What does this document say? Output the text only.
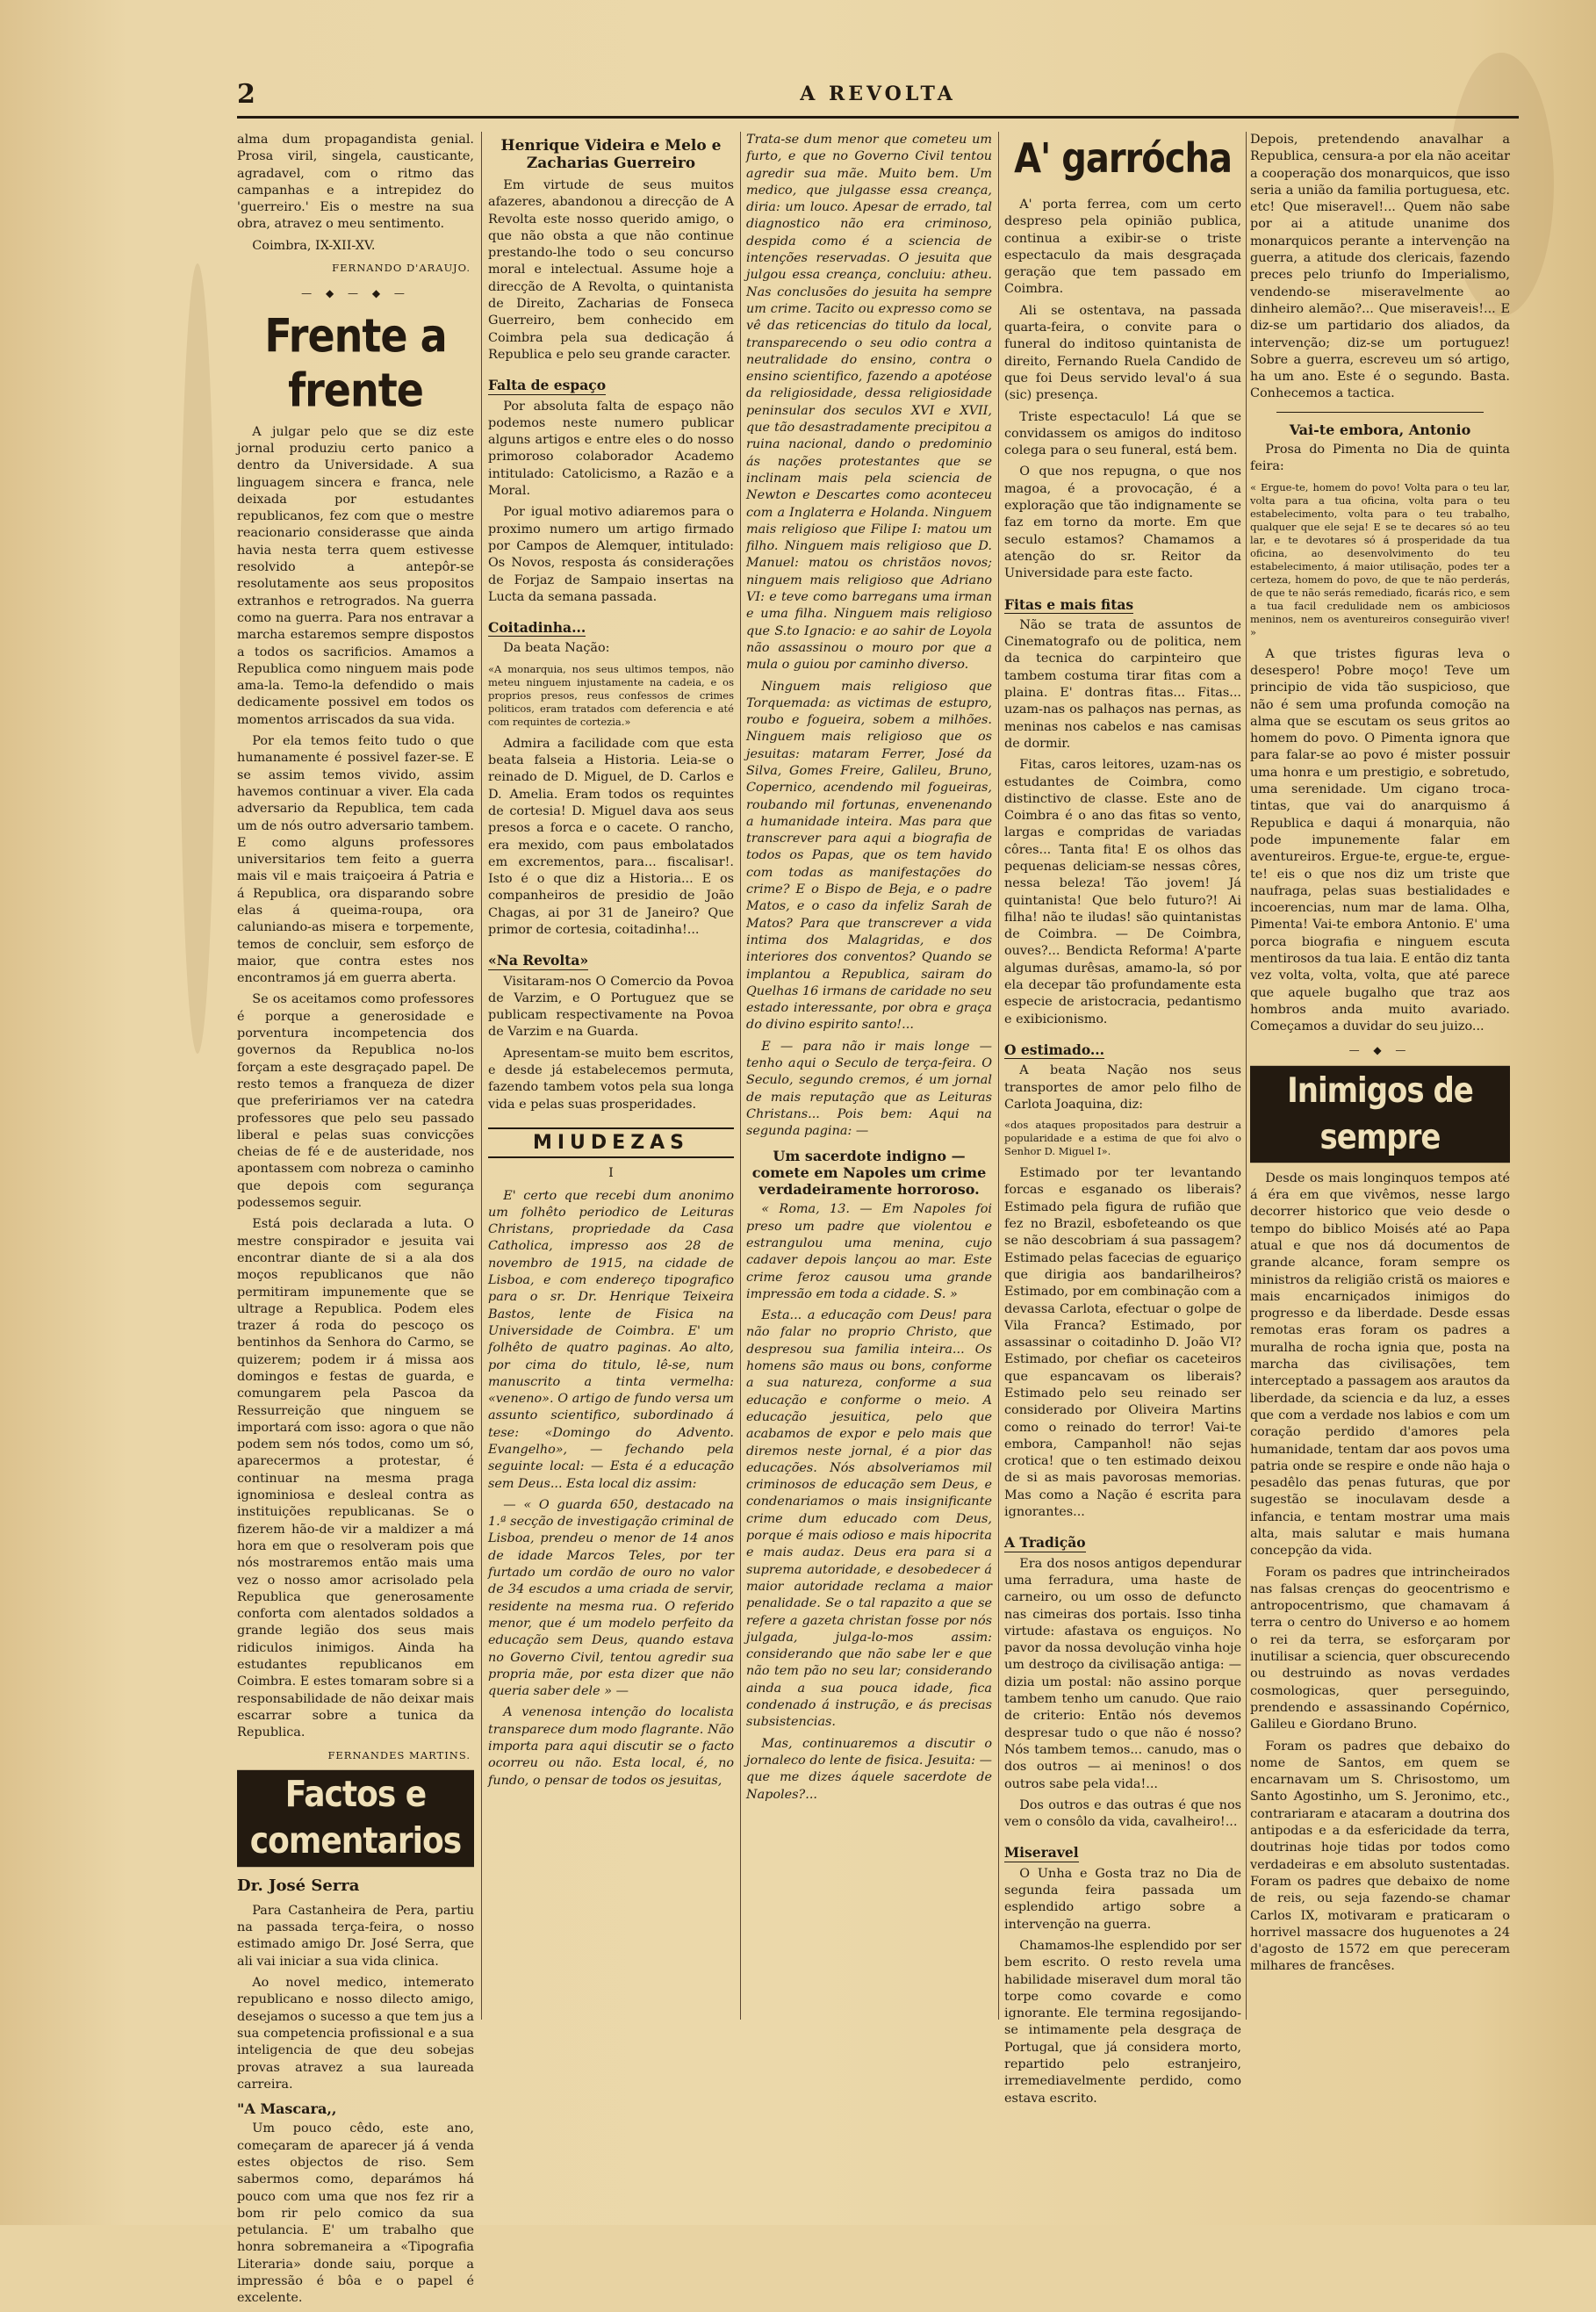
2	A REVOLTA

alma dum propagandista genial. Prosa viril, singela, causticante, agradavel, com o ritmo das campanhas e a intrepidez do 'guerreiro.' Eis o mestre na sua obra, atravez o meu sentimento.

Coimbra, IX-XII-XV.

FERNANDO D'ARAUJO.
— ◆ — ◆ —
Frente a frente

A julgar pelo que se diz este jornal produziu certo panico a dentro da Universidade. A sua linguagem sincera e franca, nele deixada por estudantes republicanos, fez com que o mestre reacionario considerasse que ainda havia nesta terra quem estivesse resolvido a antepôr-se resolutamente aos seus propositos extranhos e retrogrados. Na guerra como na guerra. Para nos entravar a marcha estaremos sempre dispostos a todos os sacrificios. Amamos a Republica como ninguem mais pode ama-la. Temo-la defendido o mais dedicamente possivel em todos os momentos arriscados da sua vida.

Por ela temos feito tudo o que humanamente é possivel fazer-se. E se assim temos vivido, assim havemos continuar a viver. Ela cada adversario da Republica, tem cada um de nós outro adversario tambem. E como alguns professores universitarios tem feito a guerra mais vil e mais traiçoeira á Patria e á Republica, ora disparando sobre elas á queima-roupa, ora caluniando-as misera e torpemente, temos de concluir, sem esforço de maior, que contra estes nos encontramos já em guerra aberta.

Se os aceitamos como professores é porque a generosidade e porventura incompetencia dos governos da Republica no-los forçam a este desgraçado papel. De resto temos a franqueza de dizer que prefeririamos ver na catedra professores que pelo seu passado liberal e pelas suas convicções cheias de fé e de austeridade, nos apontassem com nobreza o caminho que depois com segurança podessemos seguir.

Está pois declarada a luta. O mestre conspirador e jesuita vai encontrar diante de si a ala dos moços republicanos que não permitiram impunemente que se ultrage a Republica. Podem eles trazer á roda do pescoço os bentinhos da Senhora do Carmo, se quizerem; podem ir á missa aos domingos e festas de guarda, e comungarem pela Pascoa da Ressurreição que ninguem se importará com isso: agora o que não podem sem nós todos, como um só, aparecermos a protestar, é continuar na mesma praga ignominiosa e desleal contra as instituições republicanas. Se o fizerem hão-de vir a maldizer a má hora em que o resolveram pois que nós mostraremos então mais uma vez o nosso amor acrisolado pela Republica que generosamente conforta com alentados soldados a grande legião dos seus mais ridiculos inimigos. Ainda ha estudantes republicanos em Coimbra. E estes tomaram sobre si a responsabilidade de não deixar mais escarrar sobre a tunica da Republica.

FERNANDES MARTINS.
Factos e comentarios
Dr. José Serra

Para Castanheira de Pera, partiu na passada terça-feira, o nosso estimado amigo Dr. José Serra, que ali vai iniciar a sua vida clinica.

Ao novel medico, intemerato republicano e nosso dilecto amigo, desejamos o sucesso a que tem jus a sua competencia profissional e a sua inteligencia de que deu sobejas provas atravez a sua laureada carreira.

"A Mascara,,

Um pouco cêdo, este ano, começaram de aparecer já á venda estes objectos de riso. Sem sabermos como, deparámos há pouco com uma que nos fez rir a bom rir pelo comico da sua petulancia. E' um trabalho que honra sobremaneira a «Tipografia Literaria» donde saiu, porque a impressão é bôa e o papel é excelente.

Henrique Videira e Melo e Zacharias Guerreiro

Em virtude de seus muitos afazeres, abandonou a direcção de A Revolta este nosso querido amigo, o que não obsta a que não continue prestando-lhe todo o seu concurso moral e intelectual. Assume hoje a direcção de A Revolta, o quintanista de Direito, Zacharias de Fonseca Guerreiro, bem conhecido em Coimbra pela sua dedicação á Republica e pelo seu grande caracter.

Falta de espaço

Por absoluta falta de espaço não podemos neste numero publicar alguns artigos e entre eles o do nosso primoroso colaborador Academo intitulado: Catolicismo, a Razão e a Moral.

Por igual motivo adiaremos para o proximo numero um artigo firmado por Campos de Alemquer, intitulado: Os Novos, resposta ás considerações de Forjaz de Sampaio insertas na Lucta da semana passada.

Coitadinha...

Da beata Nação:

«A monarquia, nos seus ultimos tempos, não meteu ninguem injustamente na cadeia, e os proprios presos, reus confessos de crimes politicos, eram tratados com deferencia e até com requintes de cortezia.»

Admira a facilidade com que esta beata falseia a Historia. Leia-se o reinado de D. Miguel, de D. Carlos e D. Amelia. Eram todos os requintes de cortesia! D. Miguel dava aos seus presos a forca e o cacete. O rancho, era mexido, com paus embolatados em excrementos, para... fiscalisar!. Isto é o que diz a Historia... E os companheiros de presidio de João Chagas, ai por 31 de Janeiro? Que primor de cortesia, coitadinha!...

«Na Revolta»

Visitaram-nos O Comercio da Povoa de Varzim, e O Portuguez que se publicam respectivamente na Povoa de Varzim e na Guarda.

Apresentam-se muito bem escritos, e desde já estabelecemos permuta, fazendo tambem votos pela sua longa vida e pelas suas prosperidades.

MIUDEZAS
I

E' certo que recebi dum anonimo um folhêto periodico de Leituras Christans, propriedade da Casa Catholica, impresso aos 28 de novembro de 1915, na cidade de Lisboa, e com endereço tipografico para o sr. Dr. Henrique Teixeira Bastos, lente de Fisica na Universidade de Coimbra. E' um folhêto de quatro paginas. Ao alto, por cima do titulo, lê-se, num manuscrito a tinta vermelha: «veneno». O artigo de fundo versa um assunto scientifico, subordinado á tese: «Domingo do Advento. Evangelho», — fechando pela seguinte local: — Esta é a educação sem Deus... Esta local diz assim:

— « O guarda 650, destacado na 1.ª secção de investigação criminal de Lisboa, prendeu o menor de 14 anos de idade Marcos Teles, por ter furtado um cordão de ouro no valor de 34 escudos a uma criada de servir, residente na mesma rua. O referido menor, que é um modelo perfeito da educação sem Deus, quando estava no Governo Civil, tentou agredir sua propria mãe, por esta dizer que não queria saber dele » —

A venenosa intenção do localista transparece dum modo flagrante. Não importa para aqui discutir se o facto ocorreu ou não. Esta local, é, no fundo, o pensar de todos os jesuitas,

Trata-se dum menor que cometeu um furto, e que no Governo Civil tentou agredir sua mãe. Muito bem. Um medico, que julgasse essa creança, diria: um louco. Apesar de errado, tal diagnostico não era criminoso, despida como é a sciencia de intenções reservadas. O jesuita que julgou essa creança, concluiu: atheu. Nas conclusões do jesuita ha sempre um crime. Tacito ou expresso como se vê das reticencias do titulo da local, transparecendo o seu odio contra a neutralidade do ensino, contra o ensino scientifico, fazendo a apotéose da religiosidade, dessa religiosidade peninsular dos seculos XVI e XVII, que tão desastradamente precipitou a ruina nacional, dando o predominio ás nações protestantes que se inclinam mais pela sciencia de Newton e Descartes como aconteceu com a Inglaterra e Holanda. Ninguem mais religioso que Filipe I: matou um filho. Ninguem mais religioso que D. Manuel: matou os christãos novos; ninguem mais religioso que Adriano VI: e teve como barregans uma irman e uma filha. Ninguem mais religioso que S.to Ignacio: e ao sahir de Loyola não assassinou o mouro por que a mula o guiou por caminho diverso.

Ninguem mais religioso que Torquemada: as victimas de estupro, roubo e fogueira, sobem a milhões. Ninguem mais religioso que os jesuitas: mataram Ferrer, José da Silva, Gomes Freire, Galileu, Bruno, Copernico, acendendo mil fogueiras, roubando mil fortunas, envenenando a humanidade inteira. Mas para que transcrever para aqui a biografia de todos os Papas, que os tem havido com todas as manifestações do crime? E o Bispo de Beja, e o padre Matos, e o caso da infeliz Sarah de Matos? Para que transcrever a vida intima dos Malagridas, e dos interiores dos conventos? Quando se implantou a Republica, sairam do Quelhas 16 irmans de caridade no seu estado interessante, por obra e graça do divino espirito santo!...

E — para não ir mais longe — tenho aqui o Seculo de terça-feira. O Seculo, segundo cremos, é um jornal de mais reputação que as Leituras Christans... Pois bem: Aqui na segunda pagina: —

Um sacerdote indigno — comete em Napoles um crime verdadeiramente horroroso.

« Roma, 13. — Em Napoles foi preso um padre que violentou e estrangulou uma menina, cujo cadaver depois lançou ao mar. Este crime feroz causou uma grande impressão em toda a cidade. S. »

Esta... a educação com Deus! para não falar no proprio Christo, que despresou sua familia inteira... Os homens são maus ou bons, conforme a sua natureza, conforme a sua educação e conforme o meio. A educação jesuitica, pelo que acabamos de expor e pelo mais que diremos neste jornal, é a pior das educações. Nós absolveriamos mil criminosos de educação sem Deus, e condenariamos o mais insignificante crime dum educado com Deus, porque é mais odioso e mais hipocrita e mais audaz. Deus era para si a suprema autoridade, e desobedecer á maior autoridade reclama a maior penalidade. Se o tal rapazito a que se refere a gazeta christan fosse por nós julgada, julga-lo-mos assim: considerando que não sabe ler e que não tem pão no seu lar; considerando ainda a sua pouca idade, fica condenado á instrução, e ás precisas subsistencias.

Mas, continuaremos a discutir o jornaleco do lente de fisica. Jesuita: — que me dizes áquele sacerdote de Napoles?...

A' garrócha

A' porta ferrea, com um certo despreso pela opinião publica, continua a exibir-se o triste espectaculo da mais desgraçada geração que tem passado em Coimbra.

Ali se ostentava, na passada quarta-feira, o convite para o funeral do inditoso quintanista de direito, Fernando Ruela Candido de que foi Deus servido leval'o á sua (sic) presença.

Triste espectaculo! Lá que se convidassem os amigos do inditoso colega para o seu funeral, está bem.

O que nos repugna, o que nos magoa, é a provocação, é a exploração que tão indignamente se faz em torno da morte. Em que seculo estamos? Chamamos a atenção do sr. Reitor da Universidade para este facto.

Fitas e mais fitas

Não se trata de assuntos de Cinematografo ou de politica, nem da tecnica do carpinteiro que tambem costuma tirar fitas com a plaina. E' dontras fitas... Fitas... uzam-nas os palhaços nas pernas, as meninas nos cabelos e nas camisas de dormir.

Fitas, caros leitores, uzam-nas os estudantes de Coimbra, como distinctivo de classe. Este ano de Coimbra é o ano das fitas so vento, largas e compridas de variadas côres... Tanta fita! E os olhos das pequenas deliciam-se nessas côres, nessa beleza! Tão jovem! Já quintanista! Que belo futuro?! Ai filha! não te iludas! são quintanistas de Coimbra. — De Coimbra, ouves?... Bendicta Reforma! A'parte algumas durêsas, amamo-la, só por ela decepar tão profundamente esta especie de aristocracia, pedantismo e exibicionismo.

O estimado...

A beata Nação nos seus transportes de amor pelo filho de Carlota Joaquina, diz:

«dos ataques propositados para destruir a popularidade e a estima de que foi alvo o Senhor D. Miguel I».

Estimado por ter levantando forcas e esganado os liberais? Estimado pela figura de rufião que fez no Brazil, esbofeteando os que se não descobriam á sua passagem? Estimado pelas facecias de eguariço que dirigia aos bandarilheiros? Estimado, por em combinação com a devassa Carlota, efectuar o golpe de Vila Franca? Estimado, por assassinar o coitadinho D. João VI? Estimado, por chefiar os caceteiros que espancavam os liberais? Estimado pelo seu reinado ser considerado por Oliveira Martins como o reinado do terror! Vai-te embora, Campanhol! não sejas crotica! que o ten estimado deixou de si as mais pavorosas memorias. Mas como a Nação é escrita para ignorantes...

A Tradição

Era dos nosos antigos dependurar uma ferradura, uma haste de carneiro, ou um osso de defuncto nas cimeiras dos portais. Isso tinha virtude: afastava os enguiços. No pavor da nossa devolução vinha hoje um destroço da civilisação antiga: — dizia um postal: não assino porque tambem tenho um canudo. Que raio de criterio: Então nós devemos despresar tudo o que não é nosso? Nós tambem temos... canudo, mas o dos outros — ai meninos! o dos outros sabe pela vida!...

Dos outros e das outras é que nos vem o consôlo da vida, cavalheiro!...

Miseravel

O Unha e Gosta traz no Dia de segunda feira passada um esplendido artigo sobre a intervenção na guerra.

Chamamos-lhe esplendido por ser bem escrito. O resto revela uma habilidade miseravel dum moral tão torpe como covarde e como ignorante. Ele termina regosijando-se intimamente pela desgraça de Portugal, que já considera morto, repartido pelo estranjeiro, irremediavelmente perdido, como estava escrito.

Depois, pretendendo anavalhar a Republica, censura-a por ela não aceitar a cooperação dos monarquicos, que isso seria a união da familia portuguesa, etc. etc! Que miseravel!... Quem não sabe por ai a atitude unanime dos monarquicos perante a intervenção na guerra, a atitude dos clericais, fazendo preces pelo triunfo do Imperialismo, vendendo-se miseravelmente ao dinheiro alemão?... Que miseraveis!... E diz-se um partidario dos aliados, da intervenção; diz-se um portuguez! Sobre a guerra, escreveu um só artigo, ha um ano. Este é o segundo. Basta. Conhecemos a tactica.

Vai-te embora, Antonio

Prosa do Pimenta no Dia de quinta feira:

« Ergue-te, homem do povo! Volta para o teu lar, volta para a tua oficina, volta para o teu estabelecimento, volta para o teu trabalho, qualquer que ele seja! E se te decares só ao teu lar, e te devotares só á prosperidade da tua oficina, ao desenvolvimento do teu estabelecimento, á maior utilisação, podes ter a certeza, homem do povo, de que te não perderás, de que te não serás remediado, ficarás rico, e sem a tua facil credulidade nem os ambiciosos meninos, nem os aventureiros conseguirão viver! »

A que tristes figuras leva o desespero! Pobre moço! Teve um principio de vida tão suspicioso, que não é sem uma profunda comoção na alma que se escutam os seus gritos ao homem do povo. O Pimenta ignora que para falar-se ao povo é mister possuir uma honra e um prestigio, e sobretudo, uma serenidade. Um cigano troca-tintas, que vai do anarquismo á Republica e daqui á monarquia, não pode impunemente falar em aventureiros. Ergue-te, ergue-te, ergue-te! eis o que nos diz um triste que naufraga, pelas suas bestialidades e incoerencias, num mar de lama. Olha, Pimenta! Vai-te embora Antonio. E' uma porca biografia e ninguem escuta mentirosos da tua laia. E então diz tanta vez volta, volta, volta, que até parece que aquele bugalho que traz aos hombros anda muito avariado. Começamos a duvidar do seu juizo...

— ◆ —
Inimigos de sempre

Desde os mais longinquos tempos até á éra em que vivêmos, nesse largo decorrer historico que veio desde o tempo do biblico Moisés até ao Papa atual e que nos dá documentos de grande alcance, foram sempre os ministros da religião cristã os maiores e mais encarniçados inimigos do progresso e da liberdade. Desde essas remotas eras foram os padres a muralha de rocha ignia que, posta na marcha das civilisações, tem interceptado a passagem aos arautos da liberdade, da sciencia e da luz, a esses que com a verdade nos labios e com um coração perdido d'amores pela humanidade, tentam dar aos povos uma patria onde se respire e onde não haja o pesadêlo das penas futuras, que por sugestão se inoculavam desde a infancia, e tentam mostrar uma mais alta, mais salutar e mais humana concepção da vida.

Foram os padres que intrincheirados nas falsas crenças do geocentrismo e antropocentrismo, que chamavam á terra o centro do Universo e ao homem o rei da terra, se esforçaram por inutilisar a sciencia, quer obscurecendo ou destruindo as novas verdades cosmologicas, quer perseguindo, prendendo e assassinando Copérnico, Galileu e Giordano Bruno.

Foram os padres que debaixo do nome de Santos, em quem se encarnavam um S. Chrisostomo, um Santo Agostinho, um S. Jeronimo, etc., contrariaram e atacaram a doutrina dos antipodas e a da esfericidade da terra, doutrinas hoje tidas por todos como verdadeiras e em absoluto sustentadas. Foram os padres que debaixo de nome de reis, ou seja fazendo-se chamar Carlos IX, motivaram e praticaram o horrivel massacre dos huguenotes a 24 d'agosto de 1572 em que pereceram milhares de francêses.
